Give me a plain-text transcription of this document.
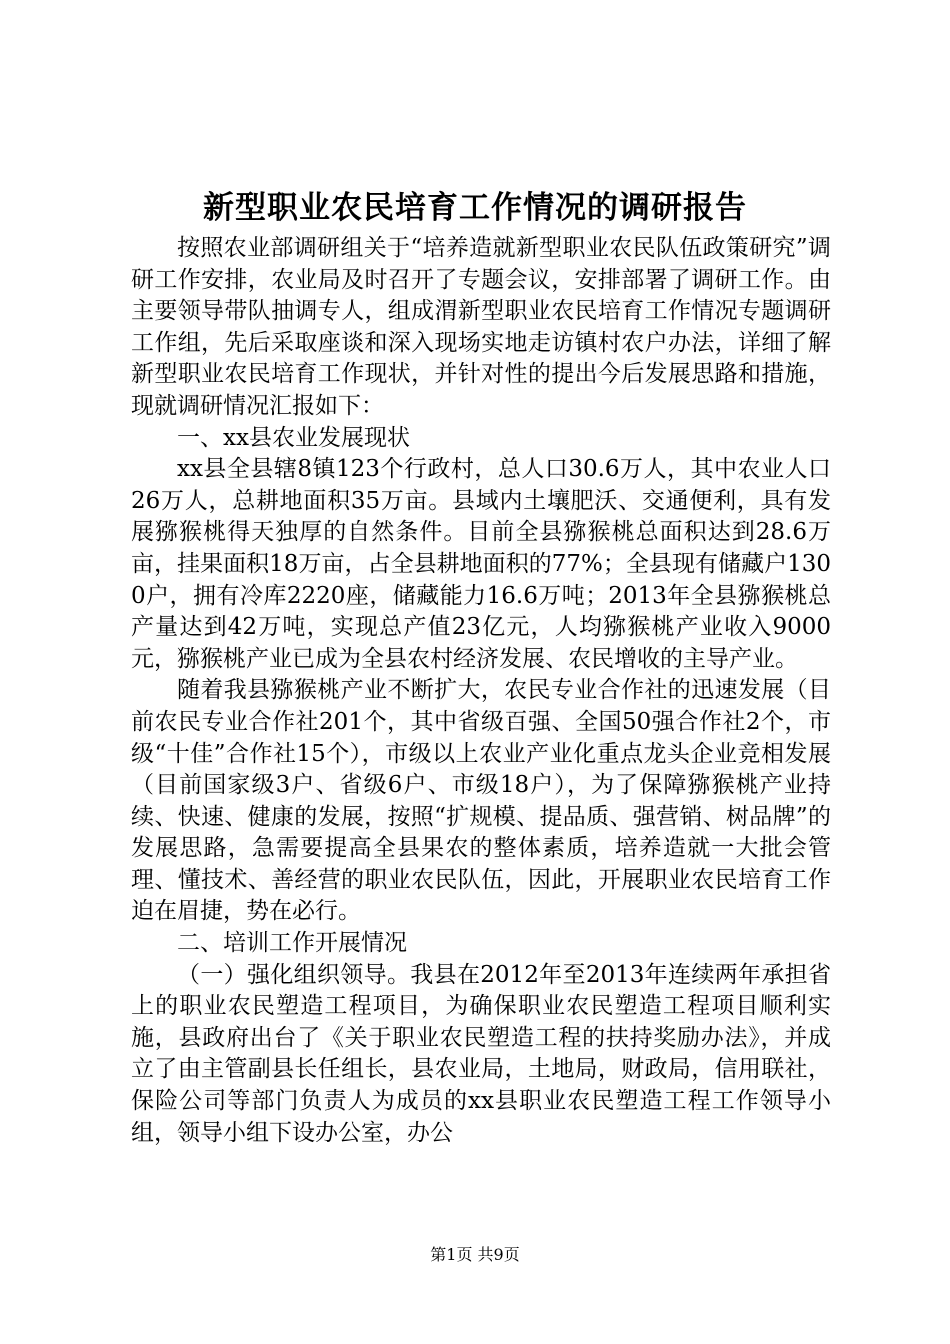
新型职业农民培育工作情况的调研报告

按照农业部调研组关于“培养造就新型职业农民队伍政策研究”调研工作安排，农业局及时召开了专题会议，安排部署了调研工作。由主要领导带队抽调专人，组成渭新型职业农民培育工作情况专题调研工作组，先后采取座谈和深入现场实地走访镇村农户办法，详细了解新型职业农民培育工作现状，并针对性的提出今后发展思路和措施，现就调研情况汇报如下：

一、xx县农业发展现状

xx县全县辖8镇123个行政村，总人口30.6万人，其中农业人口26万人，总耕地面积35万亩。县域内土壤肥沃、交通便利，具有发展猕猴桃得天独厚的自然条件。目前全县猕猴桃总面积达到28.6万亩，挂果面积18万亩，占全县耕地面积的77%；全县现有储藏户1300户，拥有冷库2220座，储藏能力16.6万吨；2013年全县猕猴桃总产量达到42万吨，实现总产值23亿元，人均猕猴桃产业收入9000元，猕猴桃产业已成为全县农村经济发展、农民增收的主导产业。

随着我县猕猴桃产业不断扩大，农民专业合作社的迅速发展（目前农民专业合作社201个，其中省级百强、全国50强合作社2个，市级“十佳”合作社15个），市级以上农业产业化重点龙头企业竞相发展（目前国家级3户、省级6户、市级18户），为了保障猕猴桃产业持续、快速、健康的发展，按照“扩规模、提品质、强营销、树品牌”的发展思路，急需要提高全县果农的整体素质，培养造就一大批会管理、懂技术、善经营的职业农民队伍，因此，开展职业农民培育工作迫在眉捷，势在必行。

二、培训工作开展情况

（一）强化组织领导。我县在2012年至2013年连续两年承担省上的职业农民塑造工程项目，为确保职业农民塑造工程项目顺利实施，县政府出台了《关于职业农民塑造工程的扶持奖励办法》，并成立了由主管副县长任组长，县农业局，土地局，财政局，信用联社，保险公司等部门负责人为成员的xx县职业农民塑造工程工作领导小组，领导小组下设办公室，办公

第1页 共9页
